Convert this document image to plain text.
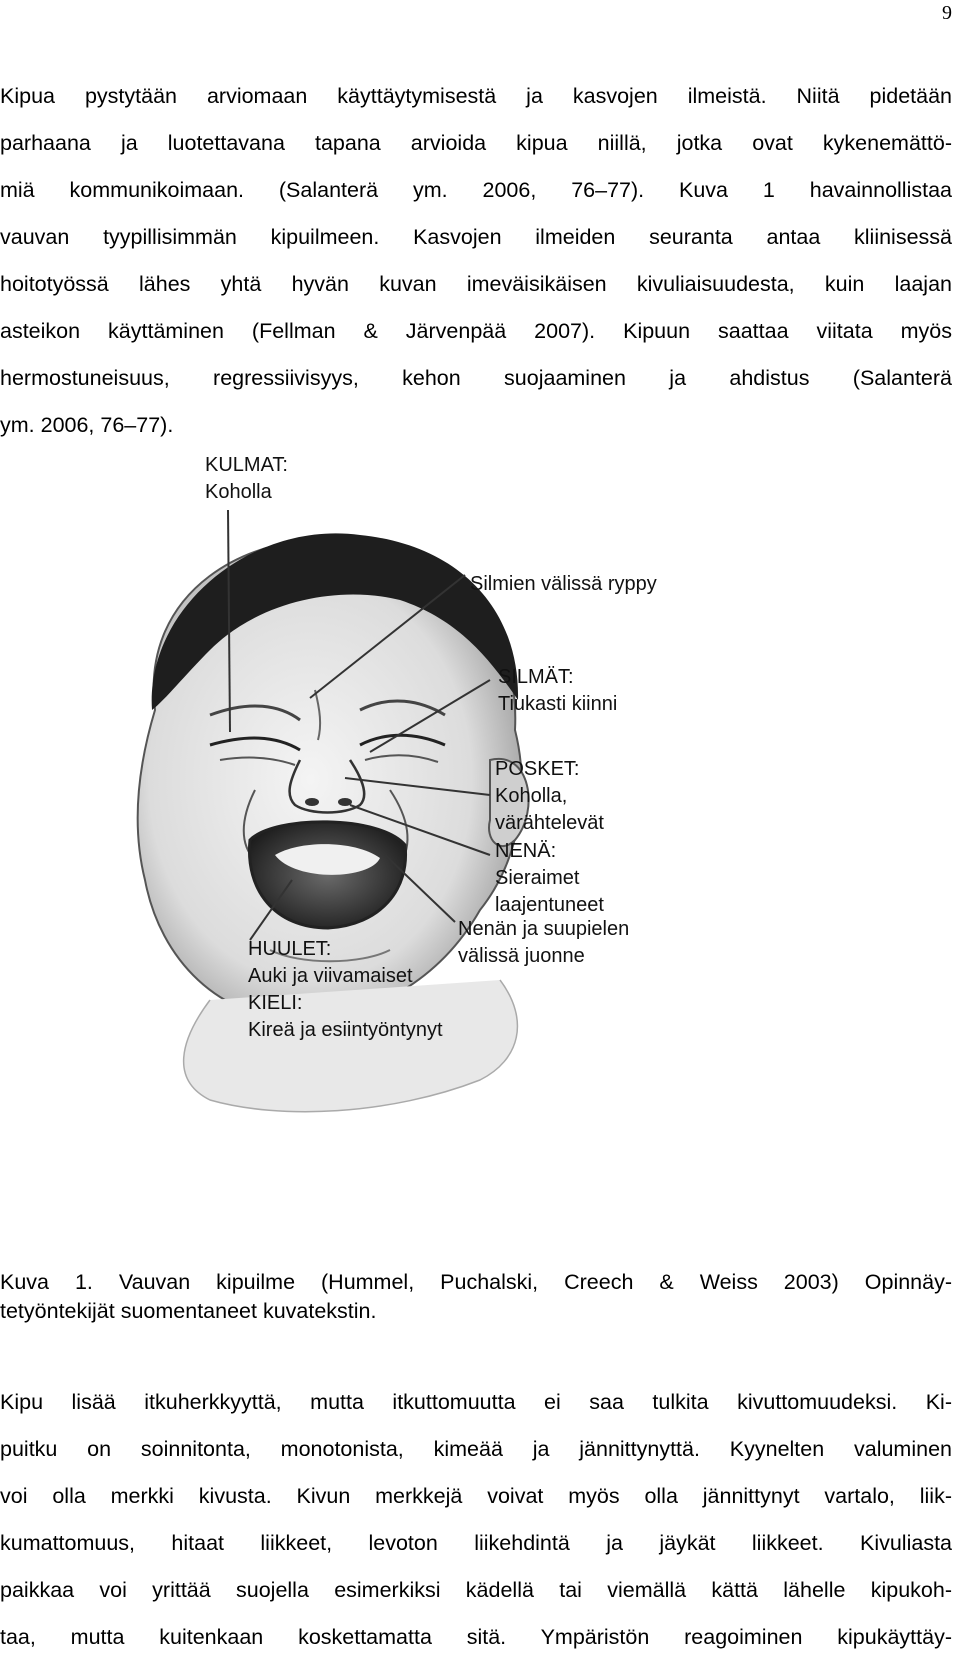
9
Kipua pystytään arviomaan käyttäytymisestä ja kasvojen ilmeistä. Niitä pidetään
parhaana ja luotettavana tapana arvioida kipua niillä, jotka ovat kykenemättö-
miä kommunikoimaan. (Salanterä ym. 2006, 76–77). Kuva 1 havainnollistaa
vauvan tyypillisimmän kipuilmeen. Kasvojen ilmeiden seuranta antaa kliinisessä
hoitotyössä lähes yhtä hyvän kuvan imeväisikäisen kivuliaisuudesta, kuin laajan
asteikon käyttäminen (Fellman & Järvenpää 2007). Kipuun saattaa viitata myös
hermostuneisuus, regressiivisyys, kehon suojaaminen ja ahdistus (Salanterä
ym. 2006, 76–77).
KULMAT:
Koholla
Silmien välissä ryppy
SILMÄT:
Tiukasti kiinni
POSKET:
Koholla,
värähtelevät
NENÄ:
Sieraimet
laajentuneet
Nenän ja suupielen
välissä juonne
HUULET:
Auki ja viivamaiset
KIELI:
Kireä ja esiintyöntynyt
Kuva 1. Vauvan kipuilme (Hummel, Puchalski, Creech & Weiss 2003) Opinnäy-
tetyöntekijät suomentaneet kuvatekstin.
Kipu lisää itkuherkkyyttä, mutta itkuttomuutta ei saa tulkita kivuttomuudeksi. Ki-
puitku on soinnitonta, monotonista, kimeää ja jännittynyttä. Kyynelten valuminen
voi olla merkki kivusta. Kivun merkkejä voivat myös olla jännittynyt vartalo, liik-
kumattomuus, hitaat liikkeet, levoton liikehdintä ja jäykät liikkeet. Kivuliasta
paikkaa voi yrittää suojella esimerkiksi kädellä tai viemällä kättä lähelle kipukoh-
taa, mutta kuitenkaan koskettamatta sitä. Ympäristön reagoiminen kipukäyttäy-
